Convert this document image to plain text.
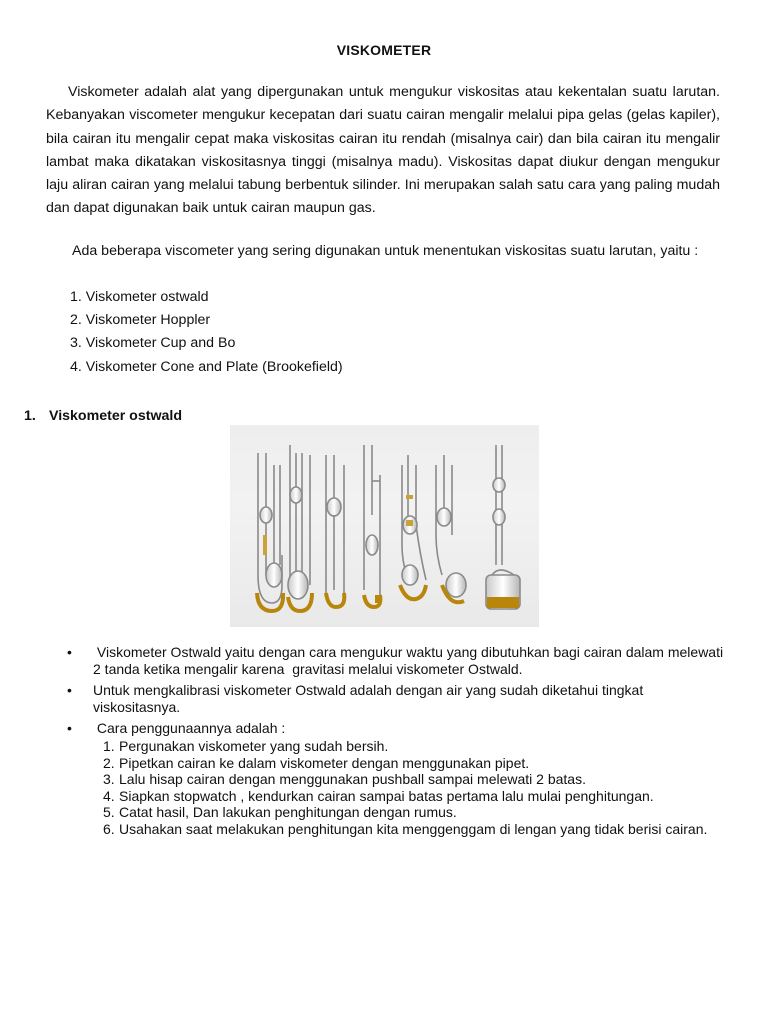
VISKOMETER

Viskometer adalah alat yang dipergunakan untuk mengukur viskositas atau kekentalan suatu larutan. Kebanyakan viscometer mengukur kecepatan dari suatu cairan mengalir melalui pipa gelas (gelas kapiler), bila cairan itu mengalir cepat maka viskositas cairan itu rendah (misalnya cair) dan bila cairan itu mengalir lambat maka dikatakan viskositasnya tinggi (misalnya madu). Viskositas dapat diukur dengan mengukur laju aliran cairan yang melalui tabung berbentuk silinder. Ini merupakan salah satu cara yang paling mudah dan dapat digunakan baik untuk cairan maupun gas.

Ada beberapa viscometer yang sering digunakan untuk menentukan viskositas suatu larutan, yaitu :

1. Viskometer ostwald
2. Viskometer Hoppler
3. Viskometer Cup and Bo
4. Viskometer Cone and Plate (Brookefield)
1. Viskometer ostwald
• Viskometer Ostwald yaitu dengan cara mengukur waktu yang dibutuhkan bagi cairan dalam melewati 2 tanda ketika mengalir karena  gravitasi melalui viskometer Ostwald.
• Untuk mengkalibrasi viskometer Ostwald adalah dengan air yang sudah diketahui tingkat viskositasnya.
• Cara penggunaannya adalah :
1. Pergunakan viskometer yang sudah bersih.
2. Pipetkan cairan ke dalam viskometer dengan menggunakan pipet.
3. Lalu hisap cairan dengan menggunakan pushball sampai melewati 2 batas.
4. Siapkan stopwatch , kendurkan cairan sampai batas pertama lalu mulai penghitungan.
5. Catat hasil, Dan lakukan penghitungan dengan rumus.
6. Usahakan saat melakukan penghitungan kita menggenggam di lengan yang tidak berisi cairan.
